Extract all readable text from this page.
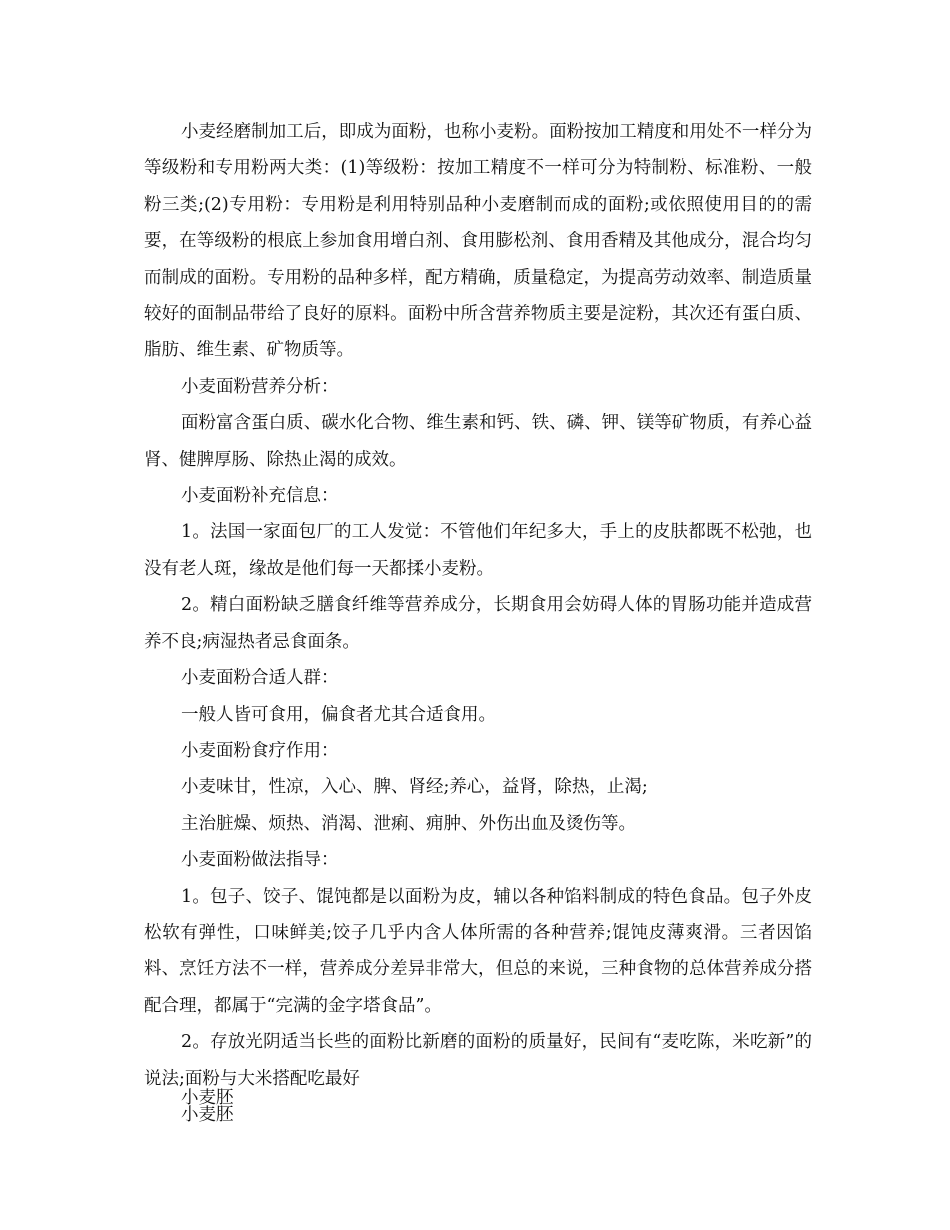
小麦经磨制加工后，即成为面粉，也称小麦粉。面粉按加工精度和用处不一样分为等级粉和专用粉两大类：(1)等级粉：按加工精度不一样可分为特制粉、标准粉、一般粉三类;(2)专用粉：专用粉是利用特别品种小麦磨制而成的面粉;或依照使用目的的需要，在等级粉的根底上参加食用增白剂、食用膨松剂、食用香精及其他成分，混合均匀而制成的面粉。专用粉的品种多样，配方精确，质量稳定，为提高劳动效率、制造质量较好的面制品带给了良好的原料。面粉中所含营养物质主要是淀粉，其次还有蛋白质、脂肪、维生素、矿物质等。

小麦面粉营养分析：

面粉富含蛋白质、碳水化合物、维生素和钙、铁、磷、钾、镁等矿物质，有养心益肾、健脾厚肠、除热止渴的成效。

小麦面粉补充信息：

1。法国一家面包厂的工人发觉：不管他们年纪多大，手上的皮肤都既不松弛，也没有老人斑，缘故是他们每一天都揉小麦粉。

2。精白面粉缺乏膳食纤维等营养成分，长期食用会妨碍人体的胃肠功能并造成营养不良;病湿热者忌食面条。

小麦面粉合适人群：

一般人皆可食用，偏食者尤其合适食用。

小麦面粉食疗作用：

小麦味甘，性凉，入心、脾、肾经;养心，益肾，除热，止渴;

主治脏燥、烦热、消渴、泄痢、痈肿、外伤出血及烫伤等。

小麦面粉做法指导：

1。包子、饺子、馄饨都是以面粉为皮，辅以各种馅料制成的特色食品。包子外皮松软有弹性，口味鲜美;饺子几乎内含人体所需的各种营养;馄饨皮薄爽滑。三者因馅料、烹饪方法不一样，营养成分差异非常大，但总的来说，三种食物的总体营养成分搭配合理，都属于“完满的金字塔食品”。

2。存放光阴适当长些的面粉比新磨的面粉的质量好，民间有“麦吃陈，米吃新”的说法;面粉与大米搭配吃最好

小麦胚

小麦胚
